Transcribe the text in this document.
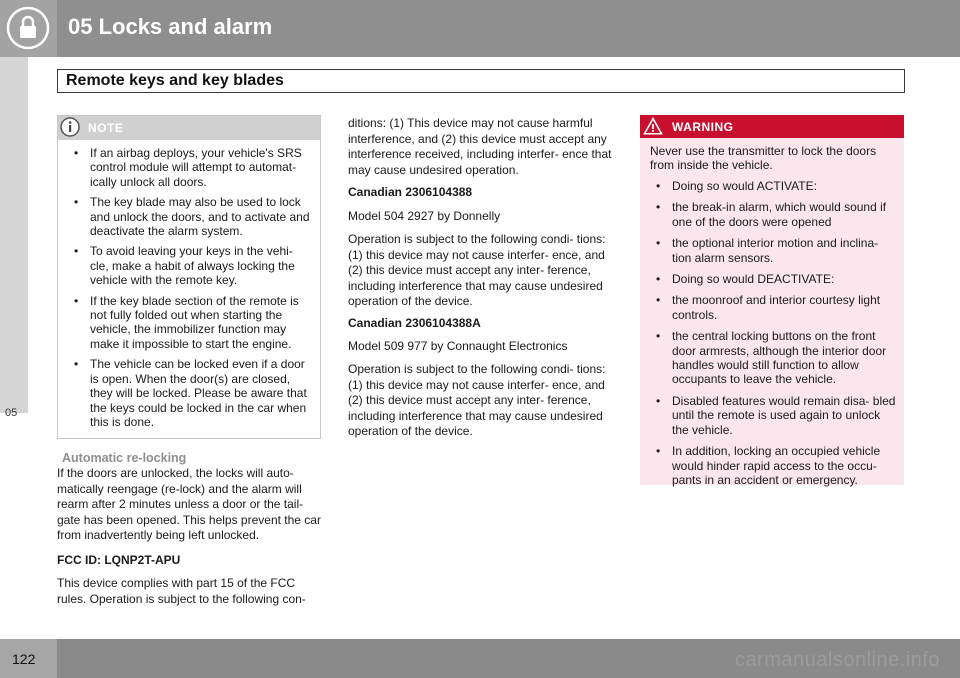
05 Locks and alarm
Remote keys and key blades
05
NOTE
• If an airbag deploys, your vehicle's SRS control module will attempt to automat- ically unlock all doors.
• The key blade may also be used to lock and unlock the doors, and to activate and deactivate the alarm system.
• To avoid leaving your keys in the vehi- cle, make a habit of always locking the vehicle with the remote key.
• If the key blade section of the remote is not fully folded out when starting the vehicle, the immobilizer function may make it impossible to start the engine.
• The vehicle can be locked even if a door is open. When the door(s) are closed, they will be locked. Please be aware that the keys could be locked in the car when this is done.
Automatic re-locking

If the doors are unlocked, the locks will auto- matically reengage (re-lock) and the alarm will rearm after 2 minutes unless a door or the tail- gate has been opened. This helps prevent the car from inadvertently being left unlocked.

FCC ID: LQNP2T-APU

This device complies with part 15 of the FCC rules. Operation is subject to the following con-

ditions: (1) This device may not cause harmful interference, and (2) this device must accept any interference received, including interfer- ence that may cause undesired operation.

Canadian 2306104388

Model 504 2927 by Donnelly

Operation is subject to the following condi- tions: (1) this device may not cause interfer- ence, and (2) this device must accept any inter- ference, including interference that may cause undesired operation of the device.

Canadian 2306104388A

Model 509 977 by Connaught Electronics

Operation is subject to the following condi- tions: (1) this device may not cause interfer- ence, and (2) this device must accept any inter- ference, including interference that may cause undesired operation of the device.

WARNING

Never use the transmitter to lock the doors from inside the vehicle.

• Doing so would ACTIVATE:
• the break-in alarm, which would sound if one of the doors were opened
• the optional interior motion and inclina- tion alarm sensors.
• Doing so would DEACTIVATE:
• the moonroof and interior courtesy light controls.
• the central locking buttons on the front door armrests, although the interior door handles would still function to allow occupants to leave the vehicle.
• Disabled features would remain disa- bled until the remote is used again to unlock the vehicle.
• In addition, locking an occupied vehicle would hinder rapid access to the occu- pants in an accident or emergency.
122	carmanualsonline.info
